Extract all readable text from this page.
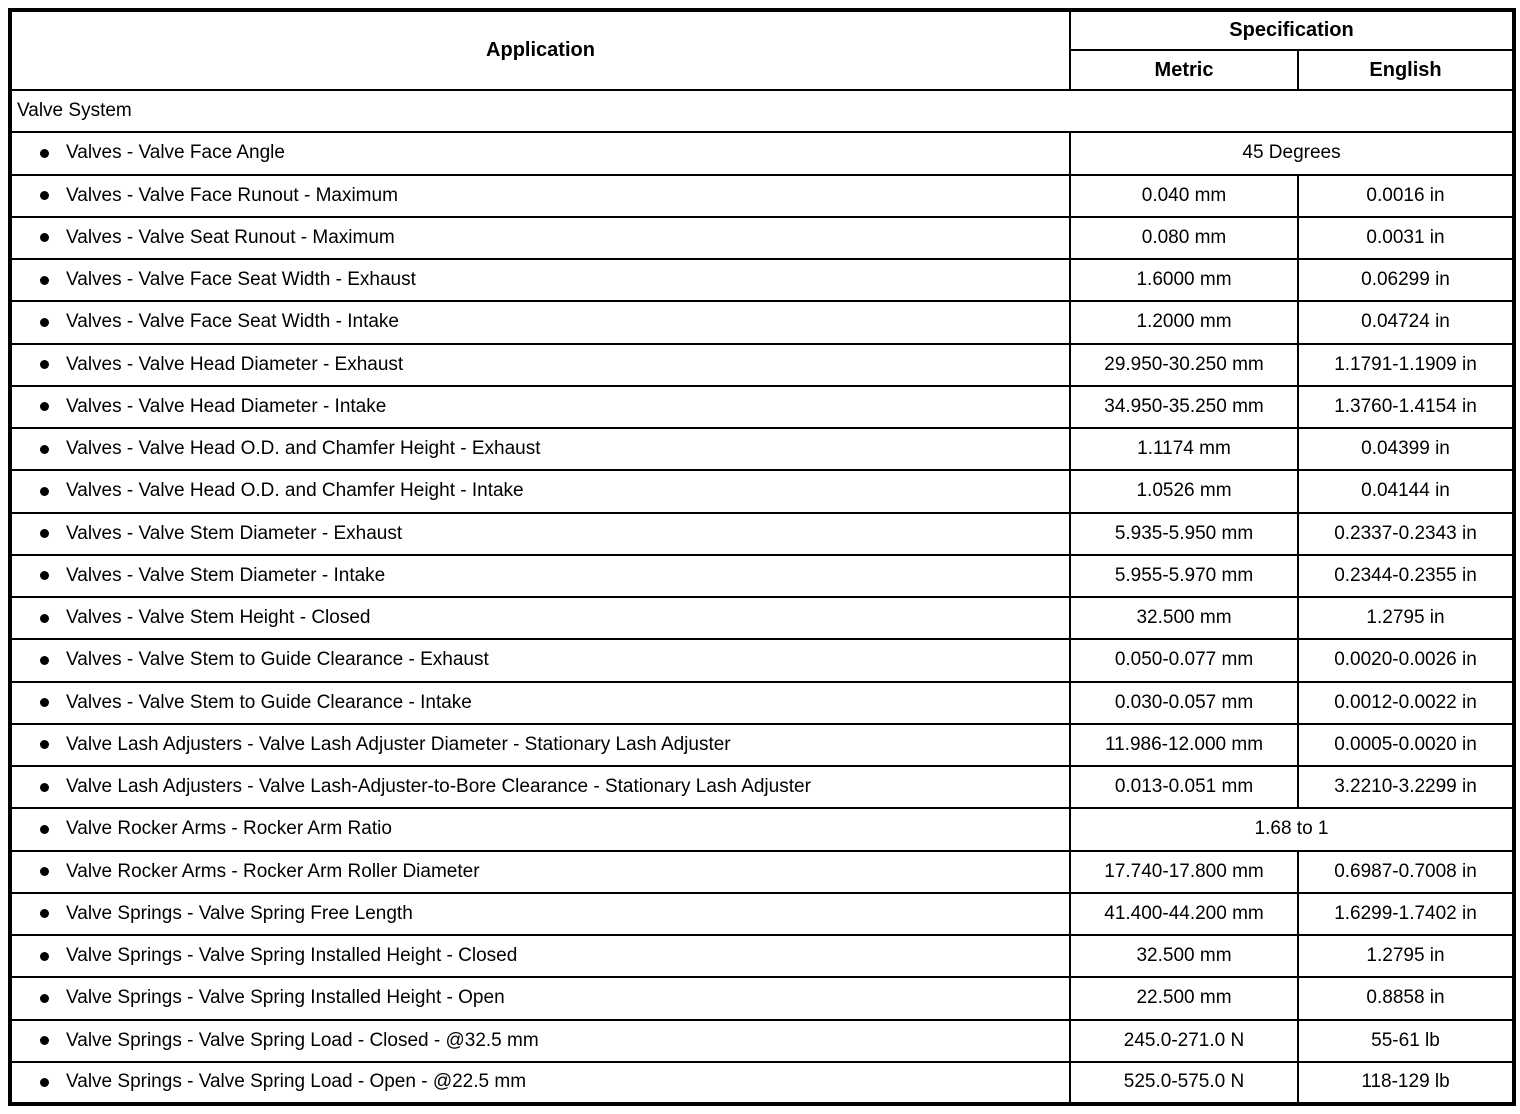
Application	Specification	
	Metric	English
Valve System		

Valves - Valve Face Angle	45 Degrees	

Valves - Valve Face Runout - Maximum	0.040 mm	0.0016 in

Valves - Valve Seat Runout - Maximum	0.080 mm	0.0031 in

Valves - Valve Face Seat Width - Exhaust	1.6000 mm	0.06299 in

Valves - Valve Face Seat Width - Intake	1.2000 mm	0.04724 in

Valves - Valve Head Diameter - Exhaust	29.950-30.250 mm	1.1791-1.1909 in

Valves - Valve Head Diameter - Intake	34.950-35.250 mm	1.3760-1.4154 in

Valves - Valve Head O.D. and Chamfer Height - Exhaust	1.1174 mm	0.04399 in

Valves - Valve Head O.D. and Chamfer Height - Intake	1.0526 mm	0.04144 in

Valves - Valve Stem Diameter - Exhaust	5.935-5.950 mm	0.2337-0.2343 in

Valves - Valve Stem Diameter - Intake	5.955-5.970 mm	0.2344-0.2355 in

Valves - Valve Stem Height - Closed	32.500 mm	1.2795 in

Valves - Valve Stem to Guide Clearance - Exhaust	0.050-0.077 mm	0.0020-0.0026 in

Valves - Valve Stem to Guide Clearance - Intake	0.030-0.057 mm	0.0012-0.0022 in

Valve Lash Adjusters - Valve Lash Adjuster Diameter - Stationary Lash Adjuster	11.986-12.000 mm	0.0005-0.0020 in

Valve Lash Adjusters - Valve Lash-Adjuster-to-Bore Clearance - Stationary Lash Adjuster	0.013-0.051 mm	3.2210-3.2299 in

Valve Rocker Arms - Rocker Arm Ratio	1.68 to 1	

Valve Rocker Arms - Rocker Arm Roller Diameter	17.740-17.800 mm	0.6987-0.7008 in

Valve Springs - Valve Spring Free Length	41.400-44.200 mm	1.6299-1.7402 in

Valve Springs - Valve Spring Installed Height - Closed	32.500 mm	1.2795 in

Valve Springs - Valve Spring Installed Height - Open	22.500 mm	0.8858 in

Valve Springs - Valve Spring Load - Closed - @32.5 mm	245.0-271.0 N	55-61 lb

Valve Springs - Valve Spring Load - Open - @22.5 mm	525.0-575.0 N	118-129 lb
